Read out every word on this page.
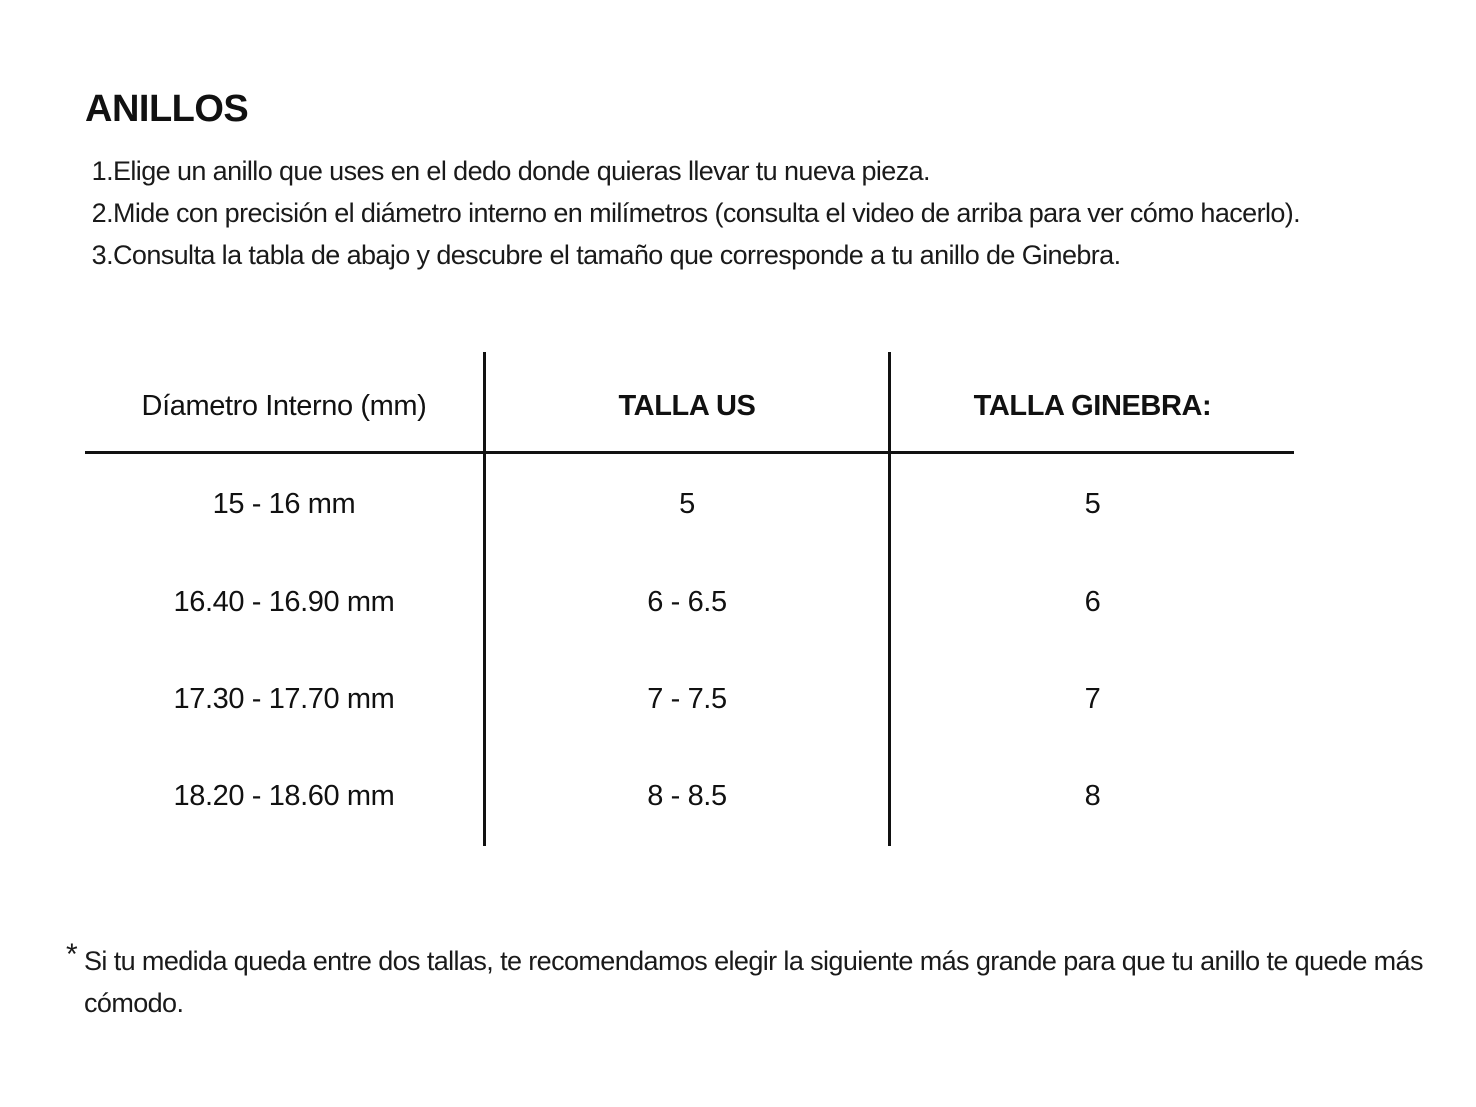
ANILLOS
1. Elige un anillo que uses en el dedo donde quieras llevar tu nueva pieza.
2. Mide con precisión el diámetro interno en milímetros (consulta el video de arriba para ver cómo hacerlo).
3. Consulta la tabla de abajo y descubre el tamaño que corresponde a tu anillo de Ginebra.
Díametro Interno (mm)	TALLA US	TALLA GINEBRA:
15 - 16 mm	5	5
16.40 - 16.90 mm	6 - 6.5	6
17.30 - 17.70 mm	7 - 7.5	7
18.20 - 18.60 mm	8 - 8.5	8
* Si tu medida queda entre dos tallas, te recomendamos elegir la siguiente más grande para que tu anillo te quede más cómodo.
